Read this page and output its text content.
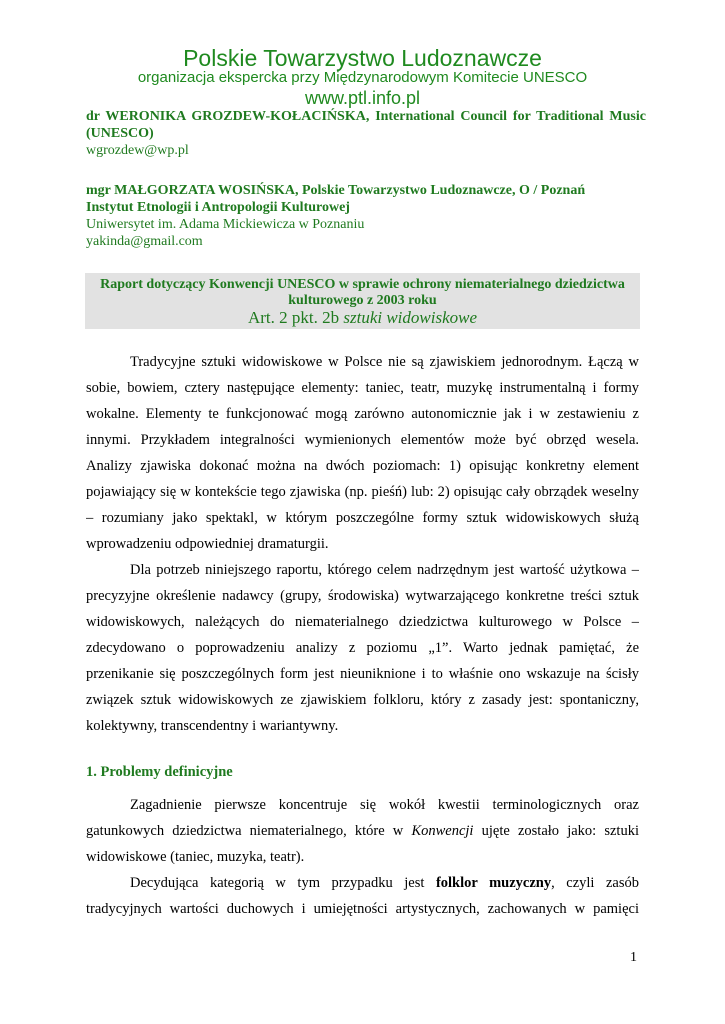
Polskie Towarzystwo Ludoznawcze
organizacja ekspercka przy Międzynarodowym Komitecie UNESCO
www.ptl.info.pl
dr WERONIKA GROZDEW-KOŁACIŃSKA, International Council for Traditional Music
(UNESCO)
wgrozdew@wp.pl
mgr MAŁGORZATA WOSIŃSKA, Polskie Towarzystwo Ludoznawcze, O / Poznań
Instytut Etnologii i Antropologii Kulturowej
Uniwersytet im. Adama Mickiewicza w Poznaniu
yakinda@gmail.com
Raport dotyczący Konwencji UNESCO w sprawie ochrony niematerialnego dziedzictwa
kulturowego z 2003 roku
Art. 2 pkt. 2b sztuki widowiskowe
Tradycyjne sztuki widowiskowe w Polsce nie są zjawiskiem jednorodnym. Łączą w
sobie, bowiem, cztery następujące elementy: taniec, teatr, muzykę instrumentalną i formy
wokalne. Elementy te funkcjonować mogą zarówno autonomicznie jak i w zestawieniu z
innymi. Przykładem integralności wymienionych elementów może być obrzęd wesela.
Analizy zjawiska dokonać można na dwóch poziomach: 1) opisując konkretny element
pojawiający się w kontekście tego zjawiska (np. pieśń) lub: 2) opisując cały obrządek weselny
– rozumiany jako spektakl, w którym poszczególne formy sztuk widowiskowych służą
wprowadzeniu odpowiedniej dramaturgii.
Dla potrzeb niniejszego raportu, którego celem nadrzędnym jest wartość użytkowa –
precyzyjne określenie nadawcy (grupy, środowiska) wytwarzającego konkretne treści sztuk
widowiskowych, należących do niematerialnego dziedzictwa kulturowego w Polsce –
zdecydowano o poprowadzeniu analizy z poziomu „1”. Warto jednak pamiętać, że
przenikanie się poszczególnych form jest nieuniknione i to właśnie ono wskazuje na ścisły
związek sztuk widowiskowych ze zjawiskiem folkloru, który z zasady jest: spontaniczny,
kolektywny, transcendentny i wariantywny.
1. Problemy definicyjne
Zagadnienie pierwsze koncentruje się wokół kwestii terminologicznych oraz
gatunkowych dziedzictwa niematerialnego, które w Konwencji ujęte zostało jako: sztuki
widowiskowe (taniec, muzyka, teatr).
Decydująca kategorią w tym przypadku jest folklor muzyczny, czyli zasób
tradycyjnych wartości duchowych i umiejętności artystycznych, zachowanych w pamięci
1
